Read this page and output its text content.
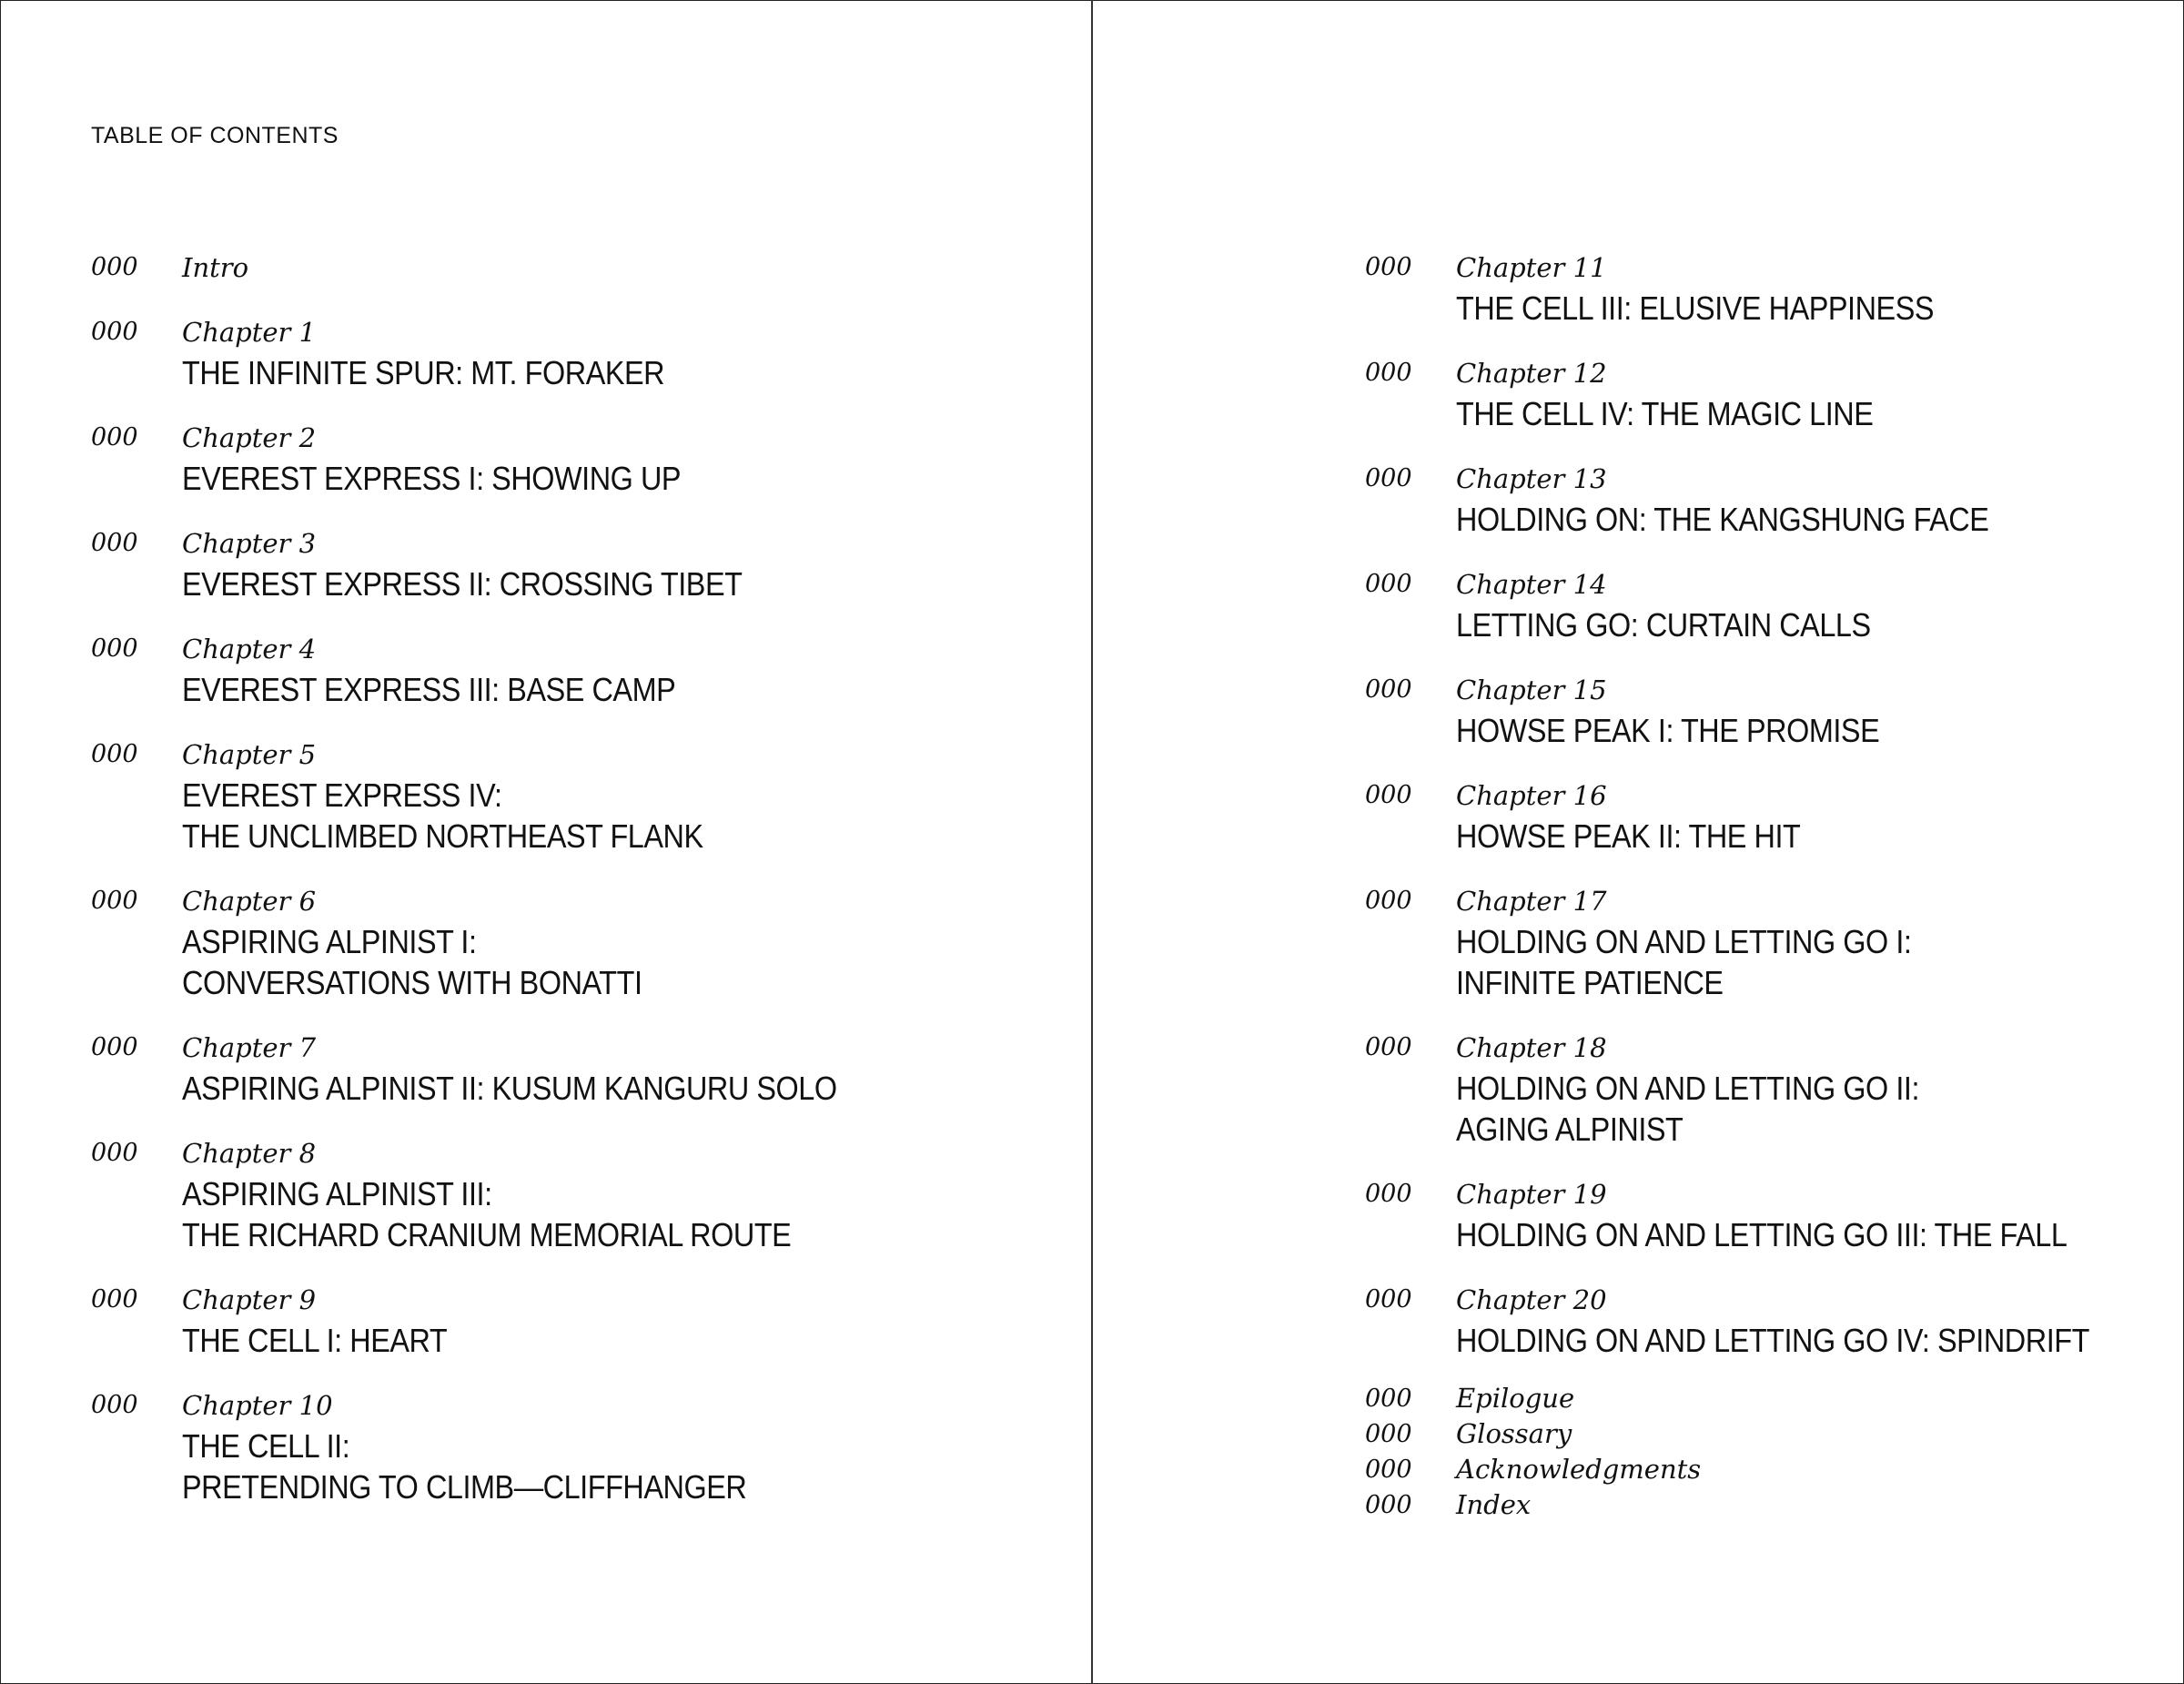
TABLE OF CONTENTS
000 Intro
000 Chapter 1
THE INFINITE SPUR: MT. FORAKER
000 Chapter 2
EVEREST EXPRESS I: SHOWING UP
000 Chapter 3
EVEREST EXPRESS II: CROSSING TIBET
000 Chapter 4
EVEREST EXPRESS III: BASE CAMP
000 Chapter 5
EVEREST EXPRESS IV:
THE UNCLIMBED NORTHEAST FLANK
000 Chapter 6
ASPIRING ALPINIST I:
CONVERSATIONS WITH BONATTI
000 Chapter 7
ASPIRING ALPINIST II: KUSUM KANGURU SOLO
000 Chapter 8
ASPIRING ALPINIST III:
THE RICHARD CRANIUM MEMORIAL ROUTE
000 Chapter 9
THE CELL I: HEART
000 Chapter 10
THE CELL II:
PRETENDING TO CLIMB—CLIFFHANGER
000 Chapter 11
THE CELL III: ELUSIVE HAPPINESS
000 Chapter 12
THE CELL IV: THE MAGIC LINE
000 Chapter 13
HOLDING ON: THE KANGSHUNG FACE
000 Chapter 14
LETTING GO: CURTAIN CALLS
000 Chapter 15
HOWSE PEAK I: THE PROMISE
000 Chapter 16
HOWSE PEAK II: THE HIT
000 Chapter 17
HOLDING ON AND LETTING GO I:
INFINITE PATIENCE
000 Chapter 18
HOLDING ON AND LETTING GO II:
AGING ALPINIST
000 Chapter 19
HOLDING ON AND LETTING GO III: THE FALL
000 Chapter 20
HOLDING ON AND LETTING GO IV: SPINDRIFT
000 Epilogue
000 Glossary
000 Acknowledgments
000 Index
